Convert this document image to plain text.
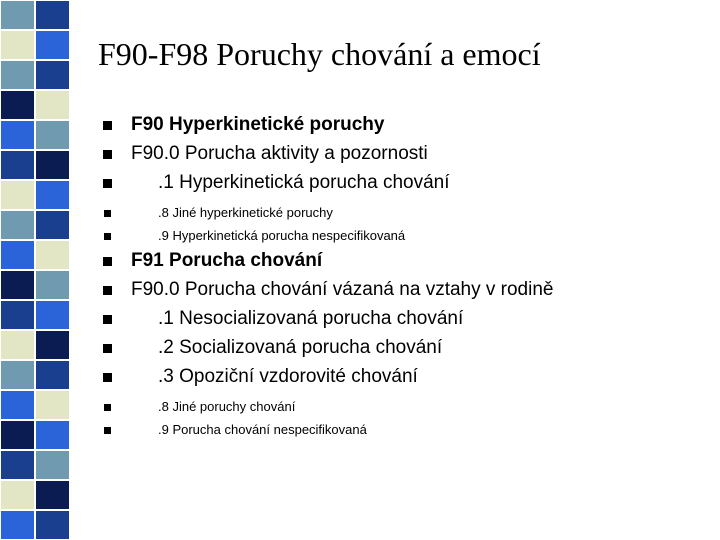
F90-F98 Poruchy chování a emocí
F90 Hyperkinetické poruchy
F90.0 Porucha aktivity a pozornosti
.1 Hyperkinetická porucha chování
.8 Jiné hyperkinetické poruchy
.9 Hyperkinetická porucha nespecifikovaná
F91 Porucha chování
F90.0 Porucha chování vázaná na vztahy v rodině
.1 Nesocializovaná porucha chování
.2 Socializovaná porucha chování
.3 Opoziční vzdorovité chování
.8 Jiné poruchy chování
.9 Porucha chování nespecifikovaná
